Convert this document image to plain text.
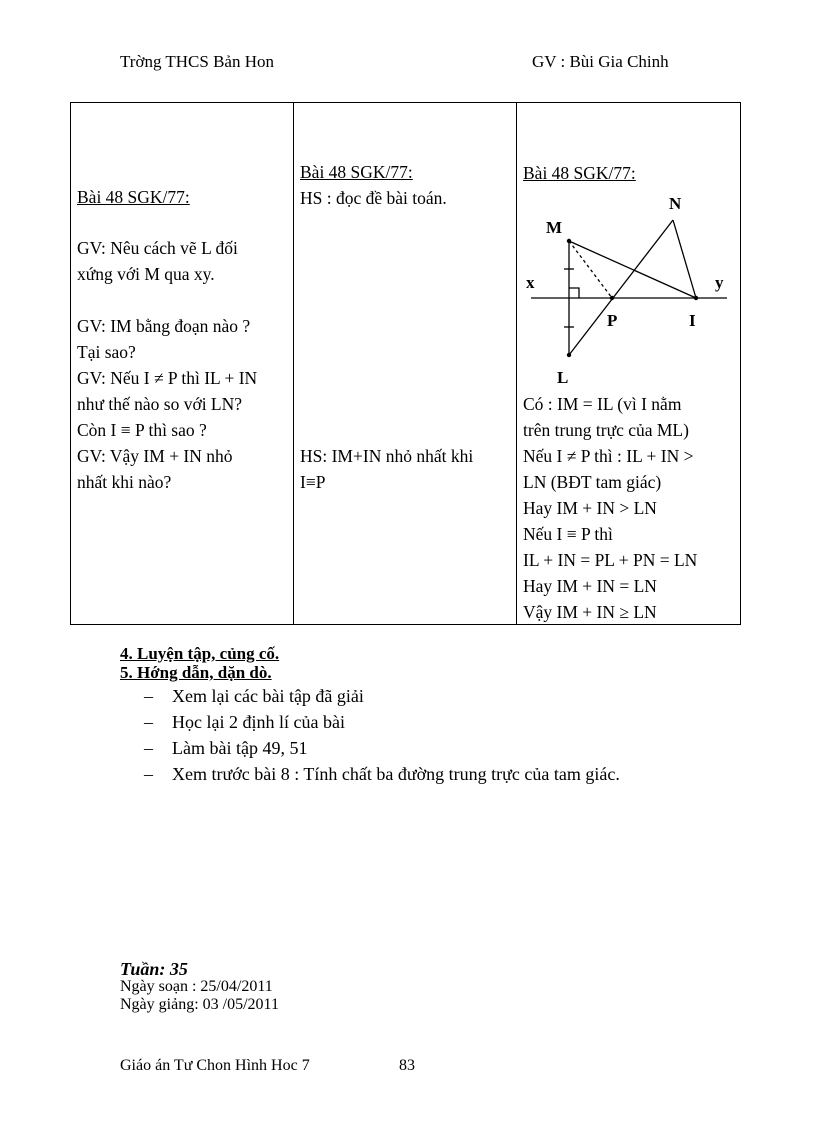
Trờng THCS Bản Hon	GV : Bùi Gia Chinh
Bài 48 SGK/77:
GV: Nêu cách vẽ L đối
xứng với M qua xy.
GV: IM bằng đoạn nào ?
Tại sao?
GV: Nếu I ≠ P thì IL + IN
như thế nào so với LN?
Còn I ≡ P thì sao ?
GV: Vậy IM + IN nhỏ
nhất khi nào?

Bài 48 SGK/77:
HS : đọc đề bài toán.
HS: IM+IN nhỏ nhất khi
I≡P

Bài 48 SGK/77:
M
N
x	y
P	I
L
Có : IM = IL (vì I nằm
trên trung trực của ML)
Nếu I ≠ P thì : IL + IN >
LN (BĐT tam giác)
Hay IM + IN > LN
Nếu I ≡ P thì
IL + IN = PL + PN = LN
Hay IM + IN = LN
Vậy IM + IN ≥ LN
4. Luyện tập, củng cố.
5. Hớng dẫn, dặn dò.
– Xem lại các bài tập đã giải
– Học lại 2 định lí của bài
– Làm bài tập 49, 51
– Xem trước bài 8 : Tính chất ba đường trung trực của tam giác.
Tuần: 35
Ngày soạn : 25/04/2011
Ngày giảng: 03 /05/2011
Giáo án Tư Chon Hình Hoc 7	83
